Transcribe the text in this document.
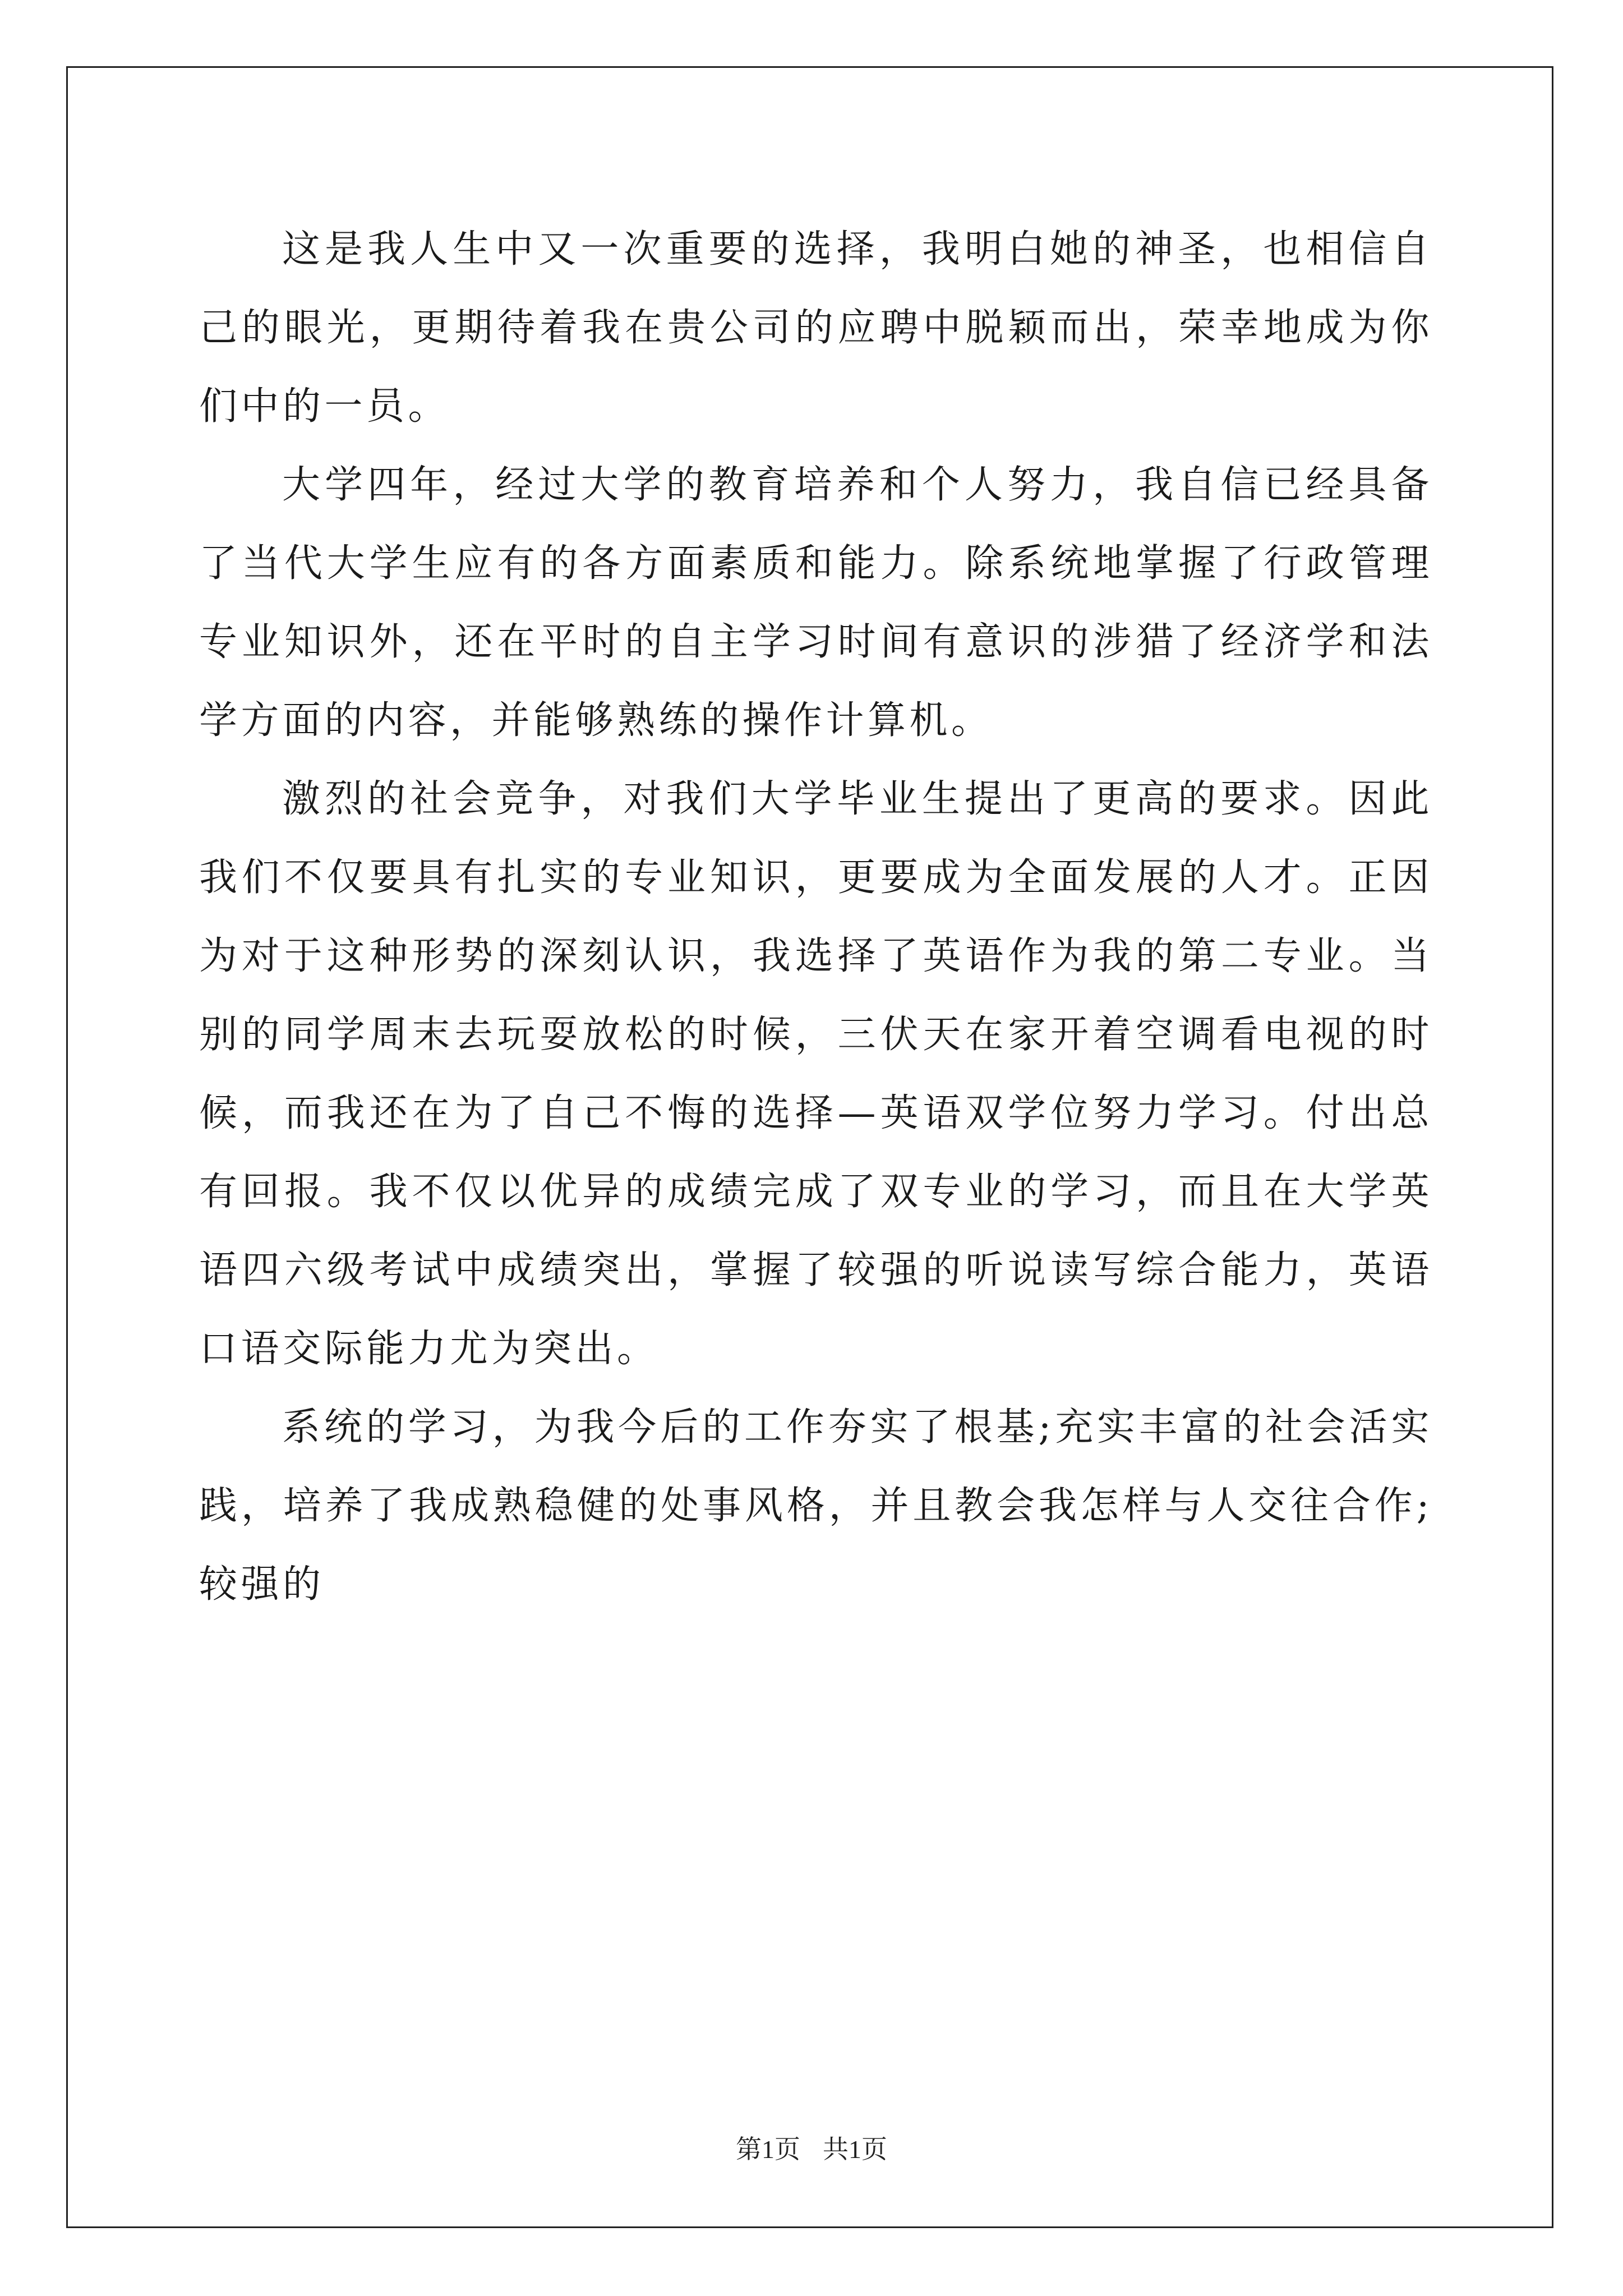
这是我人生中又一次重要的选择，我明白她的神圣，也相信自己的眼光，更期待着我在贵公司的应聘中脱颖而出，荣幸地成为你们中的一员。

大学四年，经过大学的教育培养和个人努力，我自信已经具备了当代大学生应有的各方面素质和能力。除系统地掌握了行政管理专业知识外，还在平时的自主学习时间有意识的涉猎了经济学和法学方面的内容，并能够熟练的操作计算机。

激烈的社会竞争，对我们大学毕业生提出了更高的要求。因此我们不仅要具有扎实的专业知识，更要成为全面发展的人才。正因为对于这种形势的深刻认识，我选择了英语作为我的第二专业。当别的同学周末去玩耍放松的时候，三伏天在家开着空调看电视的时候，而我还在为了自己不悔的选择—英语双学位努力学习。付出总有回报。我不仅以优异的成绩完成了双专业的学习，而且在大学英语四六级考试中成绩突出，掌握了较强的听说读写综合能力，英语口语交际能力尤为突出。

系统的学习，为我今后的工作夯实了根基;充实丰富的社会活实践，培养了我成熟稳健的处事风格，并且教会我怎样与人交往合作;较强的

第1页 共1页
